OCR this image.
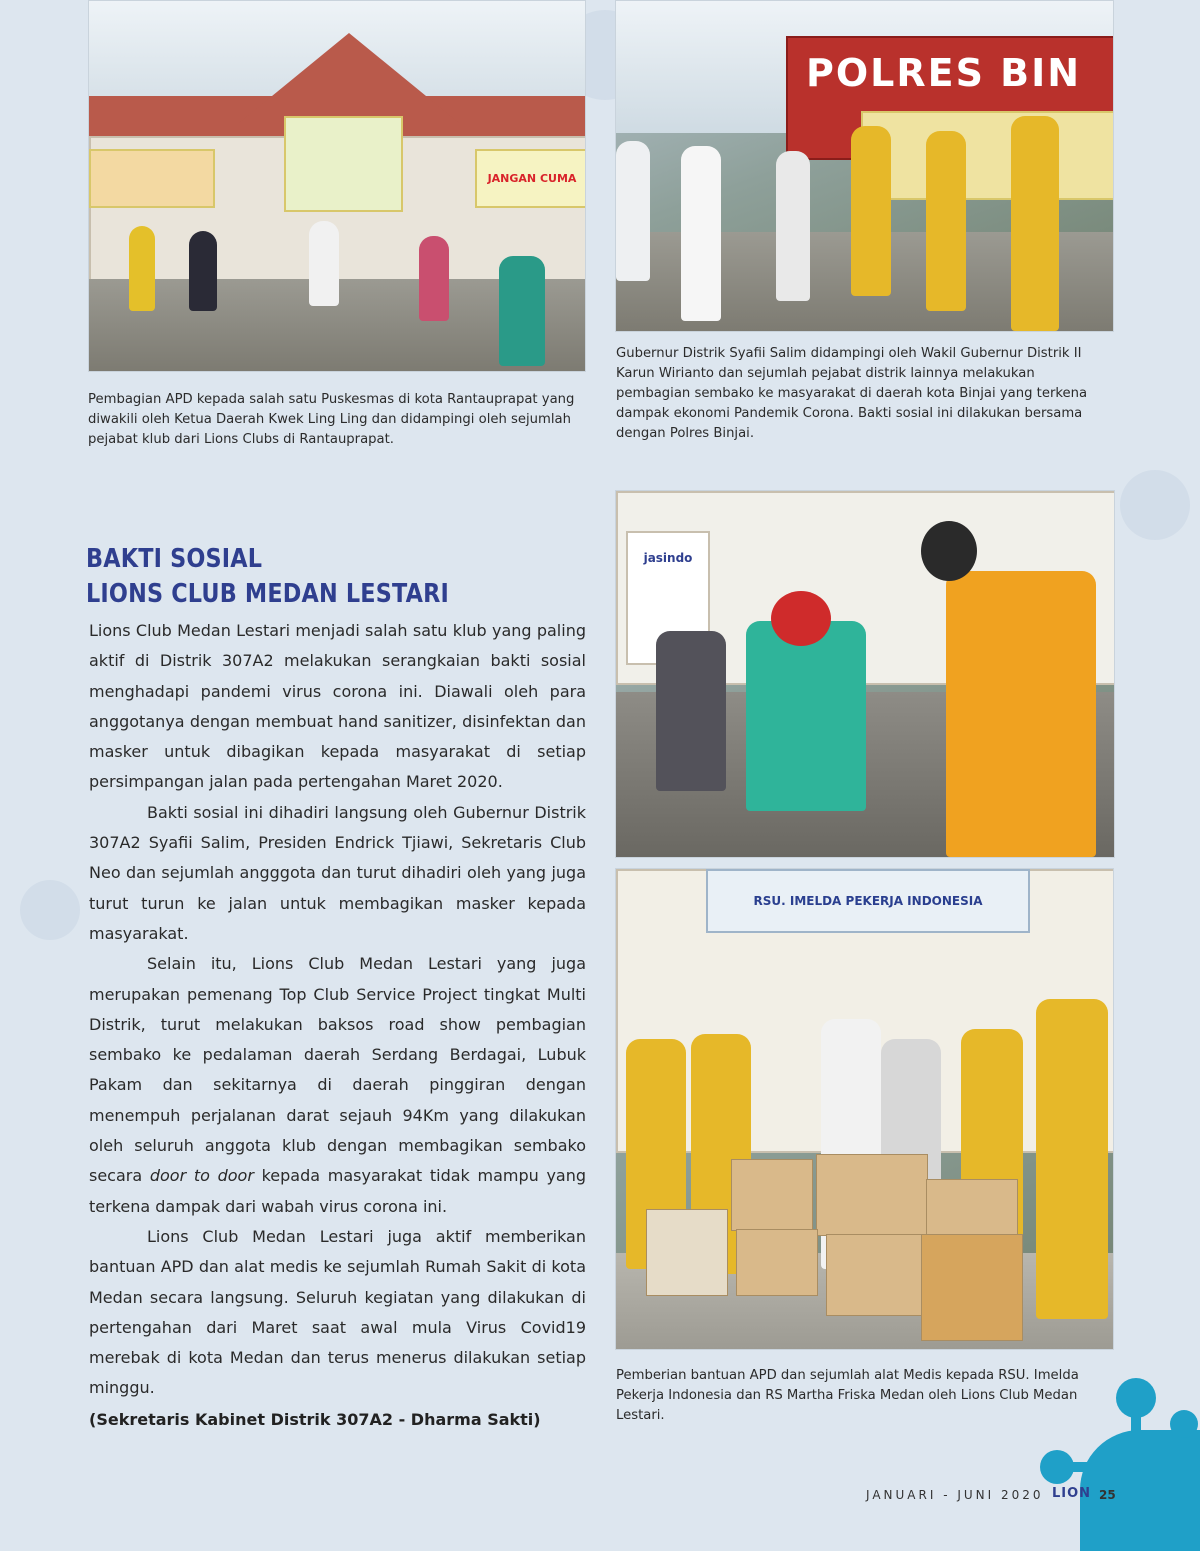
JANGAN CUMA
Pembagian APD kepada salah satu Puskesmas di kota Rantauprapat yang diwakili oleh Ketua Daerah Kwek Ling Ling dan didampingi oleh sejumlah pejabat klub dari Lions Clubs di Rantauprapat.
POLRES BIN
Gubernur Distrik Syafii Salim didampingi oleh Wakil Gubernur Distrik II Karun Wirianto dan sejumlah pejabat distrik lainnya melakukan pembagian sembako ke masyarakat di daerah kota Binjai yang terkena dampak ekonomi Pandemik Corona. Bakti sosial ini dilakukan bersama dengan Polres Binjai.
BAKTI SOSIAL
LIONS CLUB MEDAN LESTARI

Lions Club Medan Lestari menjadi salah satu klub yang paling aktif di Distrik 307A2 melakukan serangkaian bakti sosial menghadapi pandemi virus corona ini. Diawali oleh para anggotanya dengan membuat hand sanitizer, disinfektan dan masker untuk dibagikan kepada masyarakat di setiap persimpangan jalan pada pertengahan Maret 2020.

Bakti sosial ini dihadiri langsung oleh Gubernur Distrik 307A2 Syafii Salim, Presiden Endrick Tjiawi, Sekretaris Club Neo dan sejumlah angggota dan turut dihadiri oleh yang juga turut turun ke jalan untuk membagikan masker kepada masyarakat.

Selain itu, Lions Club Medan Lestari yang juga merupakan pemenang Top Club Service Project tingkat Multi Distrik, turut melakukan baksos road show pembagian sembako ke pedalaman daerah Serdang Berdagai, Lubuk Pakam dan sekitarnya di daerah pinggiran dengan menempuh perjalanan darat sejauh 94Km yang dilakukan oleh seluruh anggota klub dengan membagikan sembako secara door to door kepada masyarakat tidak mampu yang terkena dampak dari wabah virus corona ini.

Lions Club Medan Lestari juga aktif memberikan bantuan APD dan alat medis ke sejumlah Rumah Sakit di kota Medan secara langsung. Seluruh kegiatan yang dilakukan di pertengahan dari Maret saat awal mula Virus Covid19 merebak di kota Medan dan terus menerus dilakukan setiap minggu.

(Sekretaris Kabinet Distrik 307A2 - Dharma Sakti)
jasindo
RSU. IMELDA PEKERJA INDONESIA
Pemberian bantuan APD dan sejumlah alat Medis kepada RSU. Imelda Pekerja Indonesia dan RS Martha Friska Medan oleh Lions Club Medan Lestari.
JANUARI - JUNI 2020 LION 25
